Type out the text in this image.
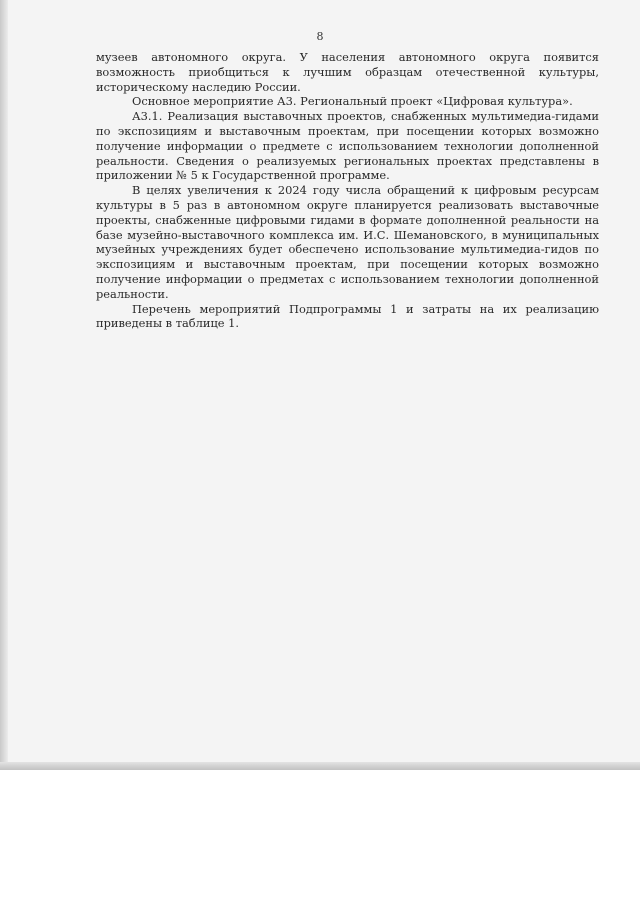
8

музеев автономного округа. У населения автономного округа появится возможность приобщиться к лучшим образцам отечественной культуры, историческому наследию России.

Основное мероприятие А3. Региональный проект «Цифровая культура».

А3.1. Реализация выставочных проектов, снабженных мультимедиа-гидами по экспозициям и выставочным проектам, при посещении которых возможно получение информации о предмете с использованием технологии дополненной реальности. Сведения о реализуемых региональных проектах представлены в приложении № 5 к Государственной программе.

В целях увеличения к 2024 году числа обращений к цифровым ресурсам культуры в 5 раз в автономном округе планируется реализовать выставочные проекты, снабженные цифровыми гидами в формате дополненной реальности на базе музейно-выставочного комплекса им. И.С. Шемановского, в муниципальных музейных учреждениях будет обеспечено использование мультимедиа-гидов по экспозициям и выставочным проектам, при посещении которых возможно получение информации о предметах с использованием технологии дополненной реальности.

Перечень мероприятий Подпрограммы 1 и затраты на их реализацию приведены в таблице 1.
